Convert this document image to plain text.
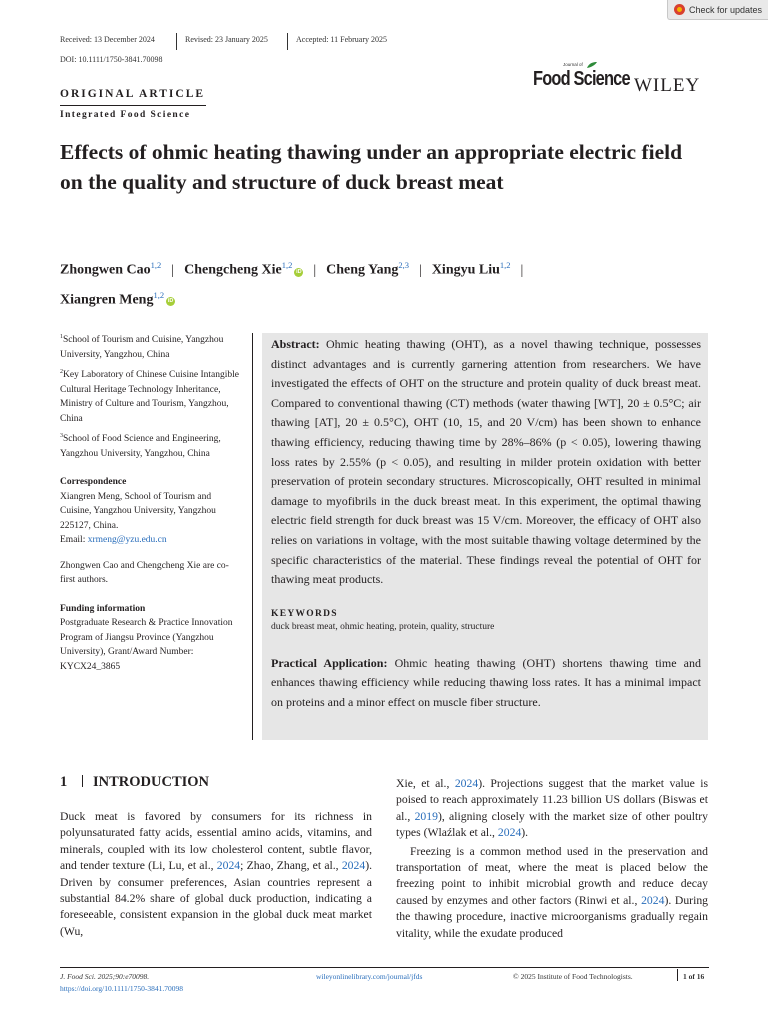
Check for updates
Received: 13 December 2024	Revised: 23 January 2025	Accepted: 11 February 2025
DOI: 10.1111/1750-3841.70098
Journal of
Food Science WILEY
ORIGINAL ARTICLE
Integrated Food Science
Effects of ohmic heating thawing under an appropriate electric field on the quality and structure of duck breast meat
Zhongwen Cao$^{1,2}$ | Chengcheng Xie$^{1,2}$iD | Cheng Yang$^{2,3}$ | Xingyu Liu$^{1,2}$ |
Xiangren Meng$^{1,2}$iD

$^1$School of Tourism and Cuisine, Yangzhou University, Yangzhou, China

$^2$Key Laboratory of Chinese Cuisine Intangible Cultural Heritage Technology Inheritance, Ministry of Culture and Tourism, Yangzhou, China

$^3$School of Food Science and Engineering, Yangzhou University, Yangzhou, China

Correspondence

Xiangren Meng, School of Tourism and Cuisine, Yangzhou University, Yangzhou 225127, China.
Email: xrmeng@yzu.edu.cn

Zhongwen Cao and Chengcheng Xie are co-first authors.

Funding information

Postgraduate Research & Practice Innovation Program of Jiangsu Province (Yangzhou University), Grant/Award Number: KYCX24_3865

Abstract: Ohmic heating thawing (OHT), as a novel thawing technique, possesses distinct advantages and is currently garnering attention from researchers. We have investigated the effects of OHT on the structure and protein quality of duck breast meat. Compared to conventional thawing (CT) methods (water thawing [WT], 20 ± 0.5°C; air thawing [AT], 20 ± 0.5°C), OHT (10, 15, and 20 V/cm) has been shown to enhance thawing efficiency, reducing thawing time by 28%–86% (p < 0.05), lowering thawing loss rates by 2.55% (p < 0.05), and resulting in milder protein oxidation with better preservation of protein secondary structures. Microscopically, OHT resulted in minimal damage to myofibrils in the duck breast meat. In this experiment, the optimal thawing electric field strength for duck breast was 15 V/cm. Moreover, the efficacy of OHT also relies on variations in voltage, with the most suitable thawing voltage determined by the specific characteristics of the material. These findings reveal the potential of OHT for thawing meat products.
KEYWORDS
duck breast meat, ohmic heating, protein, quality, structure
Practical Application: Ohmic heating thawing (OHT) shortens thawing time and enhances thawing efficiency while reducing thawing loss rates. It has a minimal impact on proteins and a minor effect on muscle fiber structure.
1 INTRODUCTION

Duck meat is favored by consumers for its richness in polyunsaturated fatty acids, essential amino acids, vitamins, and minerals, coupled with its low cholesterol content, subtle flavor, and tender texture (Li, Lu, et al., 2024; Zhao, Zhang, et al., 2024). Driven by consumer preferences, Asian countries represent a substantial 84.2% share of global duck production, indicating a foreseeable, consistent expansion in the global duck meat market (Wu,

Xie, et al., 2024). Projections suggest that the market value is poised to reach approximately 11.23 billion US dollars (Biswas et al., 2019), aligning closely with the market size of other poultry types (Wlaźlak et al., 2024).

Freezing is a common method used in the preservation and transportation of meat, where the meat is placed below the freezing point to inhibit microbial growth and reduce decay caused by enzymes and other factors (Rinwi et al., 2024). During the thawing procedure, inactive microorganisms gradually regain vitality, while the exudate produced

J. Food Sci. 2025;90:e70098.
https://doi.org/10.1111/1750-3841.70098
wileyonlinelibrary.com/journal/jfds	© 2025 Institute of Food Technologists.	1 of 16
